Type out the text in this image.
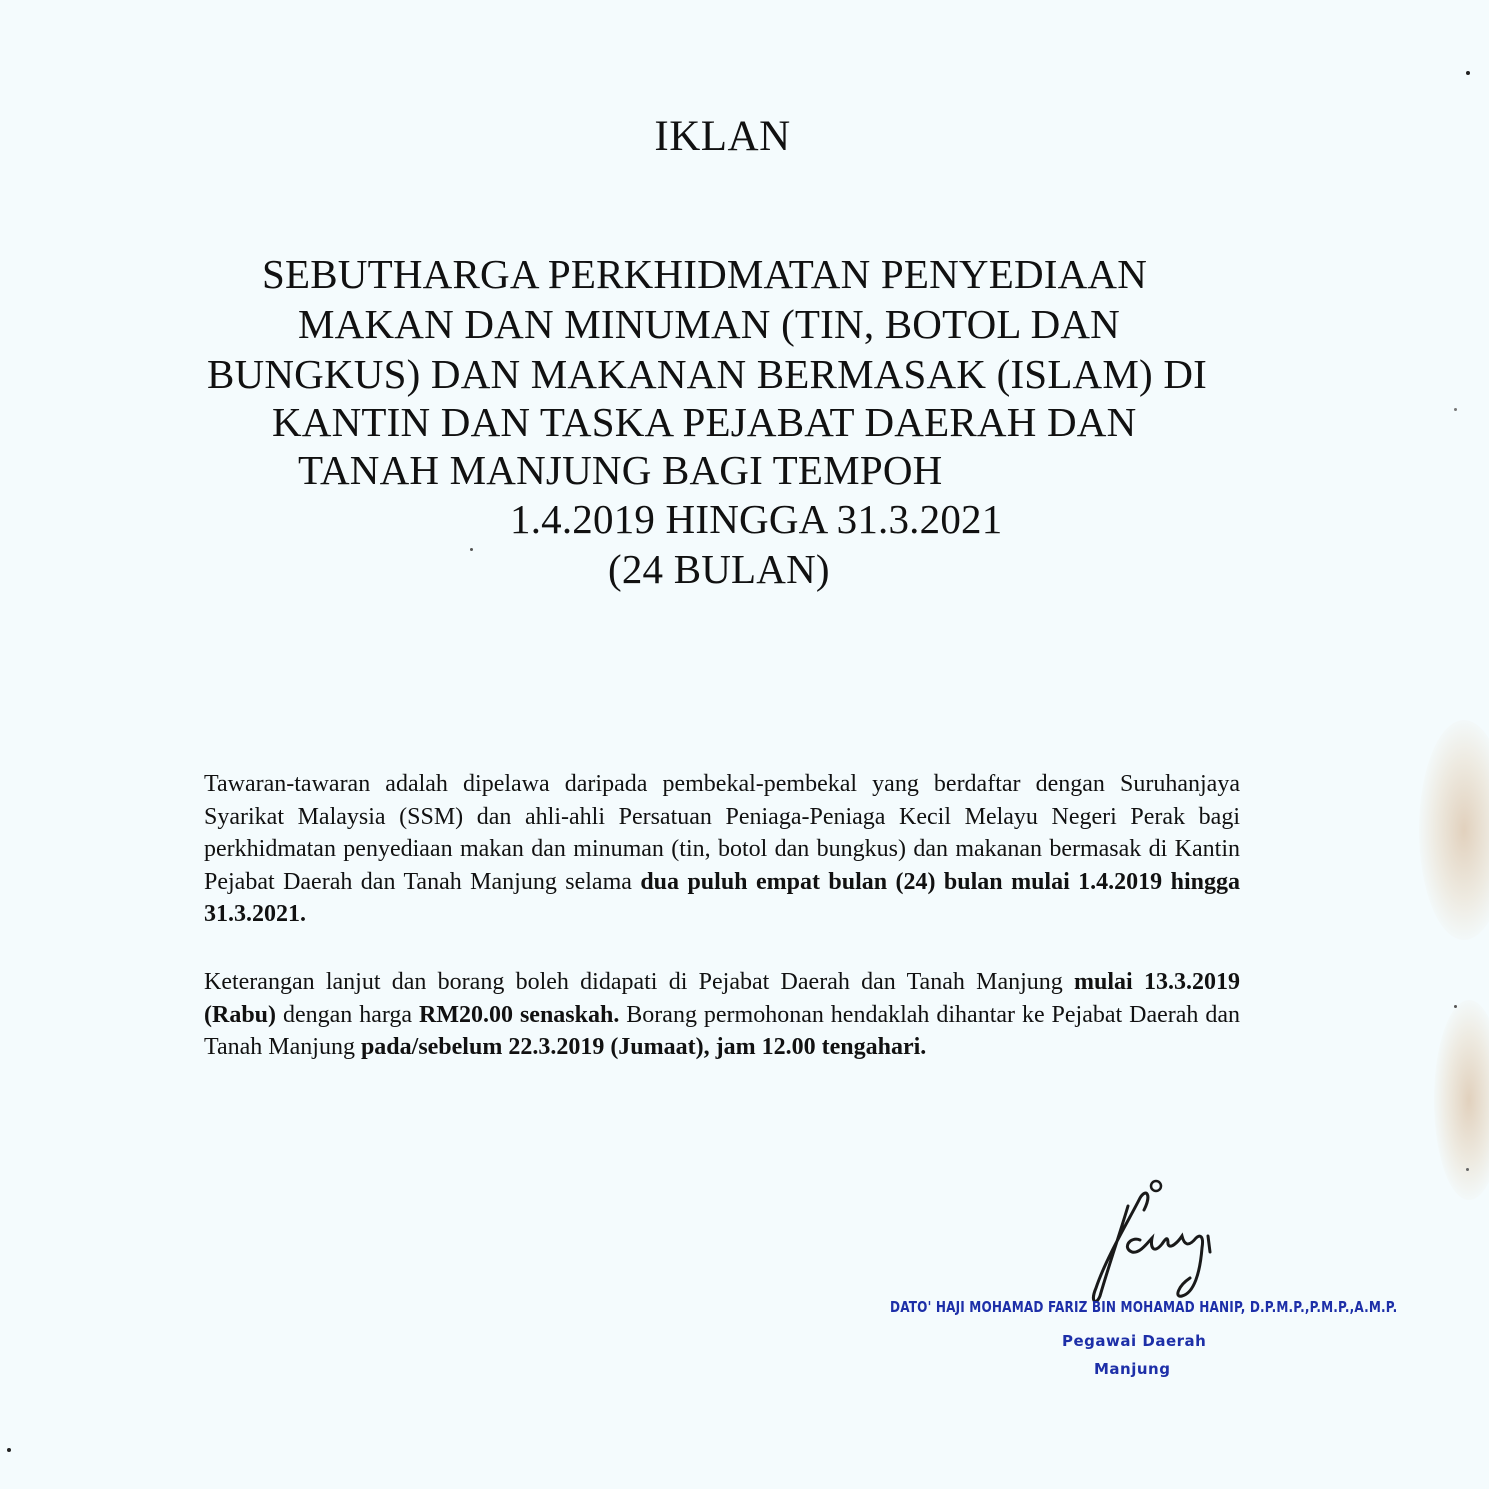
IKLAN
SEBUTHARGA PERKHIDMATAN PENYEDIAAN
MAKAN DAN MINUMAN (TIN, BOTOL DAN
BUNGKUS) DAN MAKANAN BERMASAK (ISLAM) DI
KANTIN DAN TASKA PEJABAT DAERAH DAN
TANAH MANJUNG BAGI TEMPOH
1.4.2019 HINGGA 31.3.2021
(24 BULAN)
Tawaran-tawaran adalah dipelawa daripada pembekal-pembekal yang berdaftar dengan Suruhanjaya Syarikat Malaysia (SSM) dan ahli-ahli Persatuan Peniaga-Peniaga Kecil Melayu Negeri Perak bagi perkhidmatan penyediaan makan dan minuman (tin, botol dan bungkus) dan makanan bermasak di Kantin Pejabat Daerah dan Tanah Manjung selama dua puluh empat bulan (24) bulan mulai 1.4.2019 hingga 31.3.2021.
Keterangan lanjut dan borang boleh didapati di Pejabat Daerah dan Tanah Manjung mulai 13.3.2019 (Rabu) dengan harga RM20.00 senaskah. Borang permohonan hendaklah dihantar ke Pejabat Daerah dan Tanah Manjung pada/sebelum 22.3.2019 (Jumaat), jam 12.00 tengahari.
DATO' HAJI MOHAMAD FARIZ BIN MOHAMAD HANIP, D.P.M.P.,P.M.P.,A.M.P.
Pegawai Daerah
Manjung
